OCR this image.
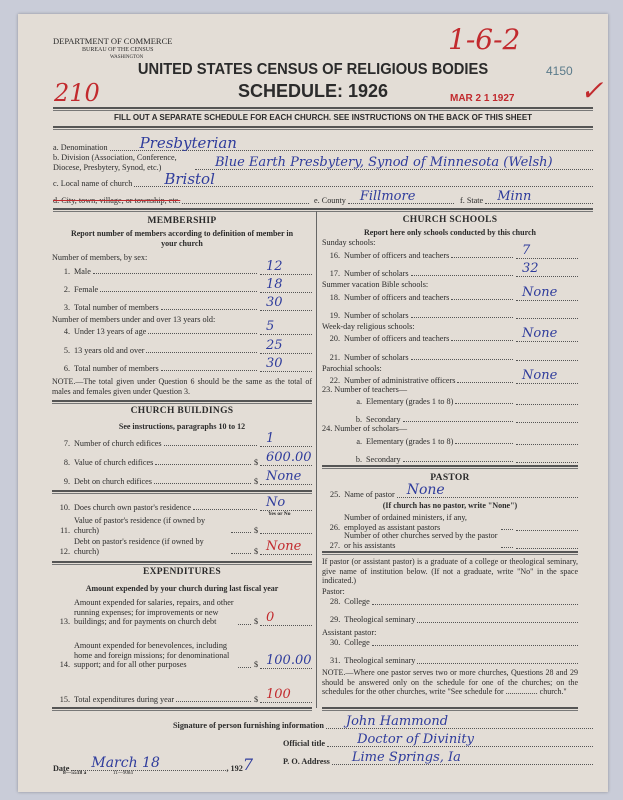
DEPARTMENT OF COMMERCE
BUREAU OF THE CENSUS
WASHINGTON
UNITED STATES CENSUS OF RELIGIOUS BODIES
SCHEDULE: 1926
210
1-6-2
MAR 2 1 1927
4150
✓
FILL OUT A SEPARATE SCHEDULE FOR EACH CHURCH. SEE INSTRUCTIONS ON THE BACK OF THIS SHEET
a. Denomination Presbyterian
b. Division (Association, Conference, Diocese, Presbytery, Synod, etc.)	Blue Earth Presbytery, Synod of Minnesota (Welsh)
c. Local name of church Bristol
d. City, town, village, or township, etc.	e. County Fillmore	f. State Minn
MEMBERSHIP
Report number of members according to definition of member in your church
Number of members, by sex:
1. Male	12
2. Female	18
3. Total number of members	30
Number of members under and over 13 years old:
4. Under 13 years of age	5
5. 13 years old and over	25
6. Total number of members	30
NOTE.—The total given under Question 6 should be the same as the total of males and females given under Question 3.
CHURCH BUILDINGS
See instructions, paragraphs 10 to 12
7. Number of church edifices	1
8. Value of church edifices	$ 600.00
9. Debt on church edifices	$ None
10. Does church own pastor's residence	No
Yes or No
11.
Value of pastor's residence (if owned by church)	$
12.
Debt on pastor's residence (if owned by church)	$ None
EXPENDITURES
Amount expended by your church during last fiscal year
13.
Amount expended for salaries, repairs, and other running expenses; for improvements or new buildings; and for payments on church debt	$ 0
14.
Amount expended for benevolences, including home and foreign missions; for denominational support; and for all other purposes	$ 100.00
15. Total expenditures during year	$ 100
CHURCH SCHOOLS
Report here only schools conducted by this church
Sunday schools:
16. Number of officers and teachers	7
17. Number of scholars	32
Summer vacation Bible schools:
18. Number of officers and teachers	None
19. Number of scholars
Week-day religious schools:
20. Number of officers and teachers	None
21. Number of scholars
Parochial schools:
22. Number of administrative officers	None
23. Number of teachers—
a. Elementary (grades 1 to 8)
b. Secondary
24. Number of scholars—
a. Elementary (grades 1 to 8)
b. Secondary
PASTOR
25. Name of pastor None
(If church has no pastor, write "None")
26.
Number of ordained ministers, if any, employed as assistant pastors
27.
Number of other churches served by the pastor or his assistants
If pastor (or assistant pastor) is a graduate of a college or theological seminary, give name of institution below. (If not a graduate, write "No" in the space indicated.)
Pastor:
28. College
29. Theological seminary
Assistant pastor:
30. College
31. Theological seminary
NOTE.—Where one pastor serves two or more churches, Questions 28 and 29 should be answered only on the schedule for one of the churches; on the schedules for the other churches, write "See schedule for ................ church."
Signature of person furnishing information John Hammond
Official title Doctor of Divinity
P. O. Address Lime Springs, Ia
Date March 18	, 192 7
8—5518 a	11—9084
